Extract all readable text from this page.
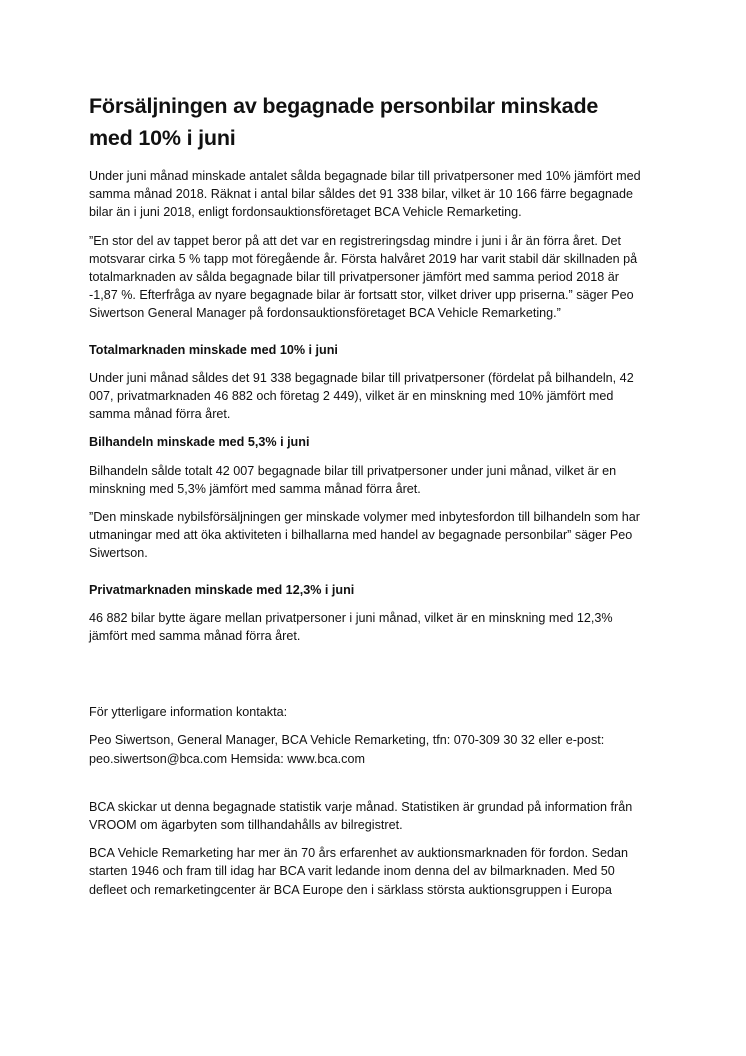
Försäljningen av begagnade personbilar minskade
med 10% i juni

Under juni månad minskade antalet sålda begagnade bilar till privatpersoner med 10% jämfört med
samma månad 2018. Räknat i antal bilar såldes det 91 338 bilar, vilket är 10 166 färre begagnade
bilar än i juni 2018, enligt fordonsauktionsföretaget BCA Vehicle Remarketing.

”En stor del av tappet beror på att det var en registreringsdag mindre i juni i år än förra året. Det
motsvarar cirka 5 % tapp mot föregående år. Första halvåret 2019 har varit stabil där skillnaden på
totalmarknaden av sålda begagnade bilar till privatpersoner jämfört med samma period 2018 är
-1,87 %. Efterfråga av nyare begagnade bilar är fortsatt stor, vilket driver upp priserna.” säger Peo
Siwertson General Manager på fordonsauktionsföretaget BCA Vehicle Remarketing.”

Totalmarknaden minskade med 10% i juni

Under juni månad såldes det 91 338 begagnade bilar till privatpersoner (fördelat på bilhandeln, 42
007, privatmarknaden 46 882 och företag 2 449), vilket är en minskning med 10% jämfört med
samma månad förra året.

Bilhandeln minskade med 5,3% i juni

Bilhandeln sålde totalt 42 007 begagnade bilar till privatpersoner under juni månad, vilket är en
minskning med 5,3% jämfört med samma månad förra året.

”Den minskade nybilsförsäljningen ger minskade volymer med inbytesfordon till bilhandeln som har
utmaningar med att öka aktiviteten i bilhallarna med handel av begagnade personbilar” säger Peo
Siwertson.

Privatmarknaden minskade med 12,3% i juni

46 882 bilar bytte ägare mellan privatpersoner i juni månad, vilket är en minskning med 12,3%
jämfört med samma månad förra året.

För ytterligare information kontakta:

Peo Siwertson, General Manager, BCA Vehicle Remarketing, tfn: 070-309 30 32 eller e-post:
peo.siwertson@bca.com Hemsida: www.bca.com

BCA skickar ut denna begagnade statistik varje månad. Statistiken är grundad på information från
VROOM om ägarbyten som tillhandahålls av bilregistret.

BCA Vehicle Remarketing har mer än 70 års erfarenhet av auktionsmarknaden för fordon. Sedan
starten 1946 och fram till idag har BCA varit ledande inom denna del av bilmarknaden. Med 50
defleet och remarketingcenter är BCA Europe den i särklass största auktionsgruppen i Europa
